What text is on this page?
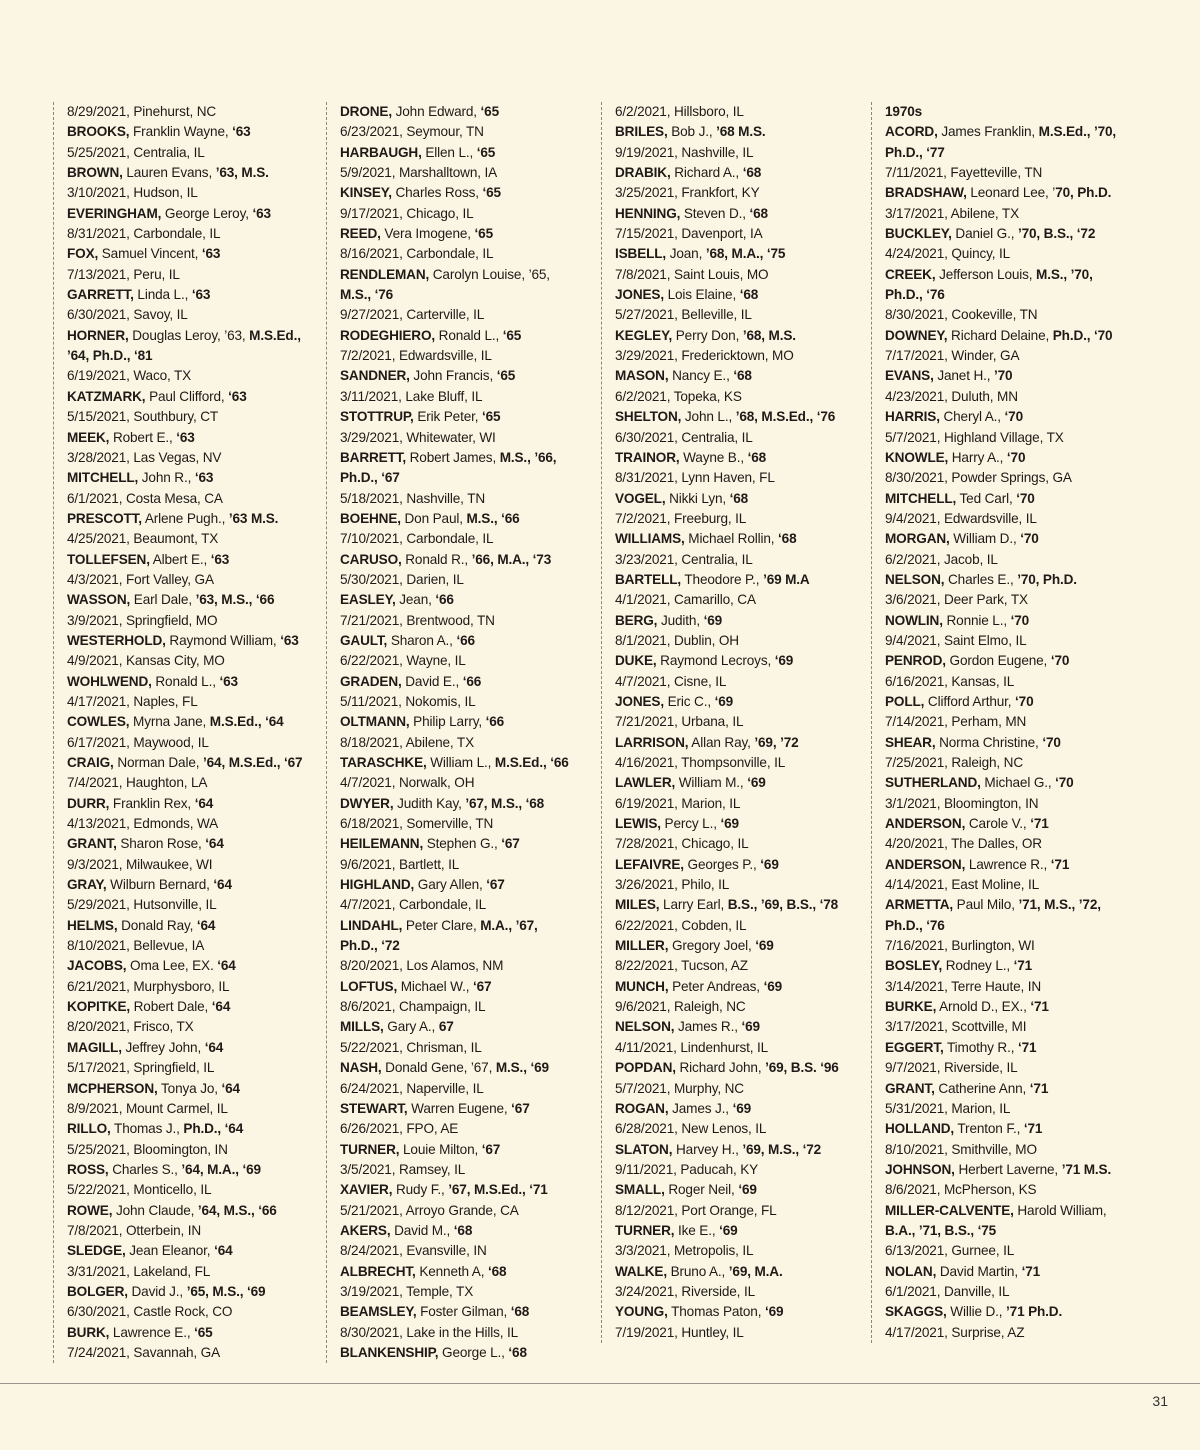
8/29/2021, Pinehurst, NC
BROOKS, Franklin Wayne, ‘63
5/25/2021, Centralia, IL
BROWN, Lauren Evans, ’63, M.S.
3/10/2021, Hudson, IL
EVERINGHAM, George Leroy, ‘63
8/31/2021, Carbondale, IL
FOX, Samuel Vincent, ‘63
7/13/2021, Peru, IL
GARRETT, Linda L., ‘63
6/30/2021, Savoy, IL
HORNER, Douglas Leroy, ’63, M.S.Ed.,
’64, Ph.D., ‘81
6/19/2021, Waco, TX
KATZMARK, Paul Clifford, ‘63
5/15/2021, Southbury, CT
MEEK, Robert E., ‘63
3/28/2021, Las Vegas, NV
MITCHELL, John R., ‘63
6/1/2021, Costa Mesa, CA
PRESCOTT, Arlene Pugh., ’63 M.S.
4/25/2021, Beaumont, TX
TOLLEFSEN, Albert E., ‘63
4/3/2021, Fort Valley, GA
WASSON, Earl Dale, ’63, M.S., ‘66
3/9/2021, Springfield, MO
WESTERHOLD, Raymond William, ‘63
4/9/2021, Kansas City, MO
WOHLWEND, Ronald L., ‘63
4/17/2021, Naples, FL
COWLES, Myrna Jane, M.S.Ed., ‘64
6/17/2021, Maywood, IL
CRAIG, Norman Dale, ’64, M.S.Ed., ‘67
7/4/2021, Haughton, LA
DURR, Franklin Rex, ‘64
4/13/2021, Edmonds, WA
GRANT, Sharon Rose, ‘64
9/3/2021, Milwaukee, WI
GRAY, Wilburn Bernard, ‘64
5/29/2021, Hutsonville, IL
HELMS, Donald Ray, ‘64
8/10/2021, Bellevue, IA
JACOBS, Oma Lee, EX. ‘64
6/21/2021, Murphysboro, IL
KOPITKE, Robert Dale, ‘64
8/20/2021, Frisco, TX
MAGILL, Jeffrey John, ‘64
5/17/2021, Springfield, IL
MCPHERSON, Tonya Jo, ‘64
8/9/2021, Mount Carmel, IL
RILLO, Thomas J., Ph.D., ‘64
5/25/2021, Bloomington, IN
ROSS, Charles S., ’64, M.A., ‘69
5/22/2021, Monticello, IL
ROWE, John Claude, ’64, M.S., ‘66
7/8/2021, Otterbein, IN
SLEDGE, Jean Eleanor, ‘64
3/31/2021, Lakeland, FL
BOLGER, David J., ’65, M.S., ‘69
6/30/2021, Castle Rock, CO
BURK, Lawrence E., ‘65
7/24/2021, Savannah, GA
DRONE, John Edward, ‘65
6/23/2021, Seymour, TN
HARBAUGH, Ellen L., ‘65
5/9/2021, Marshalltown, IA
KINSEY, Charles Ross, ‘65
9/17/2021, Chicago, IL
REED, Vera Imogene, ‘65
8/16/2021, Carbondale, IL
RENDLEMAN, Carolyn Louise, ’65,
M.S., ‘76
9/27/2021, Carterville, IL
RODEGHIERO, Ronald L., ‘65
7/2/2021, Edwardsville, IL
SANDNER, John Francis, ‘65
3/11/2021, Lake Bluff, IL
STOTTRUP, Erik Peter, ‘65
3/29/2021, Whitewater, WI
BARRETT, Robert James, M.S., ’66,
Ph.D., ‘67
5/18/2021, Nashville, TN
BOEHNE, Don Paul, M.S., ‘66
7/10/2021, Carbondale, IL
CARUSO, Ronald R., ’66, M.A., ‘73
5/30/2021, Darien, IL
EASLEY, Jean, ‘66
7/21/2021, Brentwood, TN
GAULT, Sharon A., ‘66
6/22/2021, Wayne, IL
GRADEN, David E., ‘66
5/11/2021, Nokomis, IL
OLTMANN, Philip Larry, ‘66
8/18/2021, Abilene, TX
TARASCHKE, William L., M.S.Ed., ‘66
4/7/2021, Norwalk, OH
DWYER, Judith Kay, ’67, M.S., ‘68
6/18/2021, Somerville, TN
HEILEMANN, Stephen G., ‘67
9/6/2021, Bartlett, IL
HIGHLAND, Gary Allen, ‘67
4/7/2021, Carbondale, IL
LINDAHL, Peter Clare, M.A., ’67,
Ph.D., ‘72
8/20/2021, Los Alamos, NM
LOFTUS, Michael W., ‘67
8/6/2021, Champaign, IL
MILLS, Gary A., 67
5/22/2021, Chrisman, IL
NASH, Donald Gene, ’67, M.S., ‘69
6/24/2021, Naperville, IL
STEWART, Warren Eugene, ‘67
6/26/2021, FPO, AE
TURNER, Louie Milton, ‘67
3/5/2021, Ramsey, IL
XAVIER, Rudy F., ’67, M.S.Ed., ‘71
5/21/2021, Arroyo Grande, CA
AKERS, David M., ‘68
8/24/2021, Evansville, IN
ALBRECHT, Kenneth A, ‘68
3/19/2021, Temple, TX
BEAMSLEY, Foster Gilman, ‘68
8/30/2021, Lake in the Hills, IL
BLANKENSHIP, George L., ‘68
6/2/2021, Hillsboro, IL
BRILES, Bob J., ’68 M.S.
9/19/2021, Nashville, IL
DRABIK, Richard A., ‘68
3/25/2021, Frankfort, KY
HENNING, Steven D., ‘68
7/15/2021, Davenport, IA
ISBELL, Joan, ’68, M.A., ‘75
7/8/2021, Saint Louis, MO
JONES, Lois Elaine, ‘68
5/27/2021, Belleville, IL
KEGLEY, Perry Don, ’68, M.S.
3/29/2021, Fredericktown, MO
MASON, Nancy E., ‘68
6/2/2021, Topeka, KS
SHELTON, John L., ’68, M.S.Ed., ‘76
6/30/2021, Centralia, IL
TRAINOR, Wayne B., ‘68
8/31/2021, Lynn Haven, FL
VOGEL, Nikki Lyn, ‘68
7/2/2021, Freeburg, IL
WILLIAMS, Michael Rollin, ‘68
3/23/2021, Centralia, IL
BARTELL, Theodore P., ’69 M.A
4/1/2021, Camarillo, CA
BERG, Judith, ‘69
8/1/2021, Dublin, OH
DUKE, Raymond Lecroys, ‘69
4/7/2021, Cisne, IL
JONES, Eric C., ‘69
7/21/2021, Urbana, IL
LARRISON, Allan Ray, ’69, ’72
4/16/2021, Thompsonville, IL
LAWLER, William M., ‘69
6/19/2021, Marion, IL
LEWIS, Percy L., ‘69
7/28/2021, Chicago, IL
LEFAIVRE, Georges P., ‘69
3/26/2021, Philo, IL
MILES, Larry Earl, B.S., ’69, B.S., ‘78
6/22/2021, Cobden, IL
MILLER, Gregory Joel, ‘69
8/22/2021, Tucson, AZ
MUNCH, Peter Andreas, ‘69
9/6/2021, Raleigh, NC
NELSON, James R., ‘69
4/11/2021, Lindenhurst, IL
POPDAN, Richard John, ’69, B.S. ‘96
5/7/2021, Murphy, NC
ROGAN, James J., ‘69
6/28/2021, New Lenos, IL
SLATON, Harvey H., ’69, M.S., ‘72
9/11/2021, Paducah, KY
SMALL, Roger Neil, ‘69
8/12/2021, Port Orange, FL
TURNER, Ike E., ‘69
3/3/2021, Metropolis, IL
WALKE, Bruno A., ’69, M.A.
3/24/2021, Riverside, IL
YOUNG, Thomas Paton, ‘69
7/19/2021, Huntley, IL
1970s
ACORD, James Franklin, M.S.Ed., ’70,
Ph.D., ‘77
7/11/2021, Fayetteville, TN
BRADSHAW, Leonard Lee, ’70, Ph.D.
3/17/2021, Abilene, TX
BUCKLEY, Daniel G., ’70, B.S., ‘72
4/24/2021, Quincy, IL
CREEK, Jefferson Louis, M.S., ’70,
Ph.D., ‘76
8/30/2021, Cookeville, TN
DOWNEY, Richard Delaine, Ph.D., ‘70
7/17/2021, Winder, GA
EVANS, Janet H., ’70
4/23/2021, Duluth, MN
HARRIS, Cheryl A., ‘70
5/7/2021, Highland Village, TX
KNOWLE, Harry A., ‘70
8/30/2021, Powder Springs, GA
MITCHELL, Ted Carl, ‘70
9/4/2021, Edwardsville, IL
MORGAN, William D., ‘70
6/2/2021, Jacob, IL
NELSON, Charles E., ’70, Ph.D.
3/6/2021, Deer Park, TX
NOWLIN, Ronnie L., ‘70
9/4/2021, Saint Elmo, IL
PENROD, Gordon Eugene, ‘70
6/16/2021, Kansas, IL
POLL, Clifford Arthur, ‘70
7/14/2021, Perham, MN
SHEAR, Norma Christine, ‘70
7/25/2021, Raleigh, NC
SUTHERLAND, Michael G., ‘70
3/1/2021, Bloomington, IN
ANDERSON, Carole V., ‘71
4/20/2021, The Dalles, OR
ANDERSON, Lawrence R., ‘71
4/14/2021, East Moline, IL
ARMETTA, Paul Milo, ’71, M.S., ’72,
Ph.D., ‘76
7/16/2021, Burlington, WI
BOSLEY, Rodney L., ‘71
3/14/2021, Terre Haute, IN
BURKE, Arnold D., EX., ‘71
3/17/2021, Scottville, MI
EGGERT, Timothy R., ‘71
9/7/2021, Riverside, IL
GRANT, Catherine Ann, ‘71
5/31/2021, Marion, IL
HOLLAND, Trenton F., ‘71
8/10/2021, Smithville, MO
JOHNSON, Herbert Laverne, ’71 M.S.
8/6/2021, McPherson, KS
MILLER-CALVENTE, Harold William,
B.A., ’71, B.S., ‘75
6/13/2021, Gurnee, IL
NOLAN, David Martin, ‘71
6/1/2021, Danville, IL
SKAGGS, Willie D., ’71 Ph.D.
4/17/2021, Surprise, AZ
31
